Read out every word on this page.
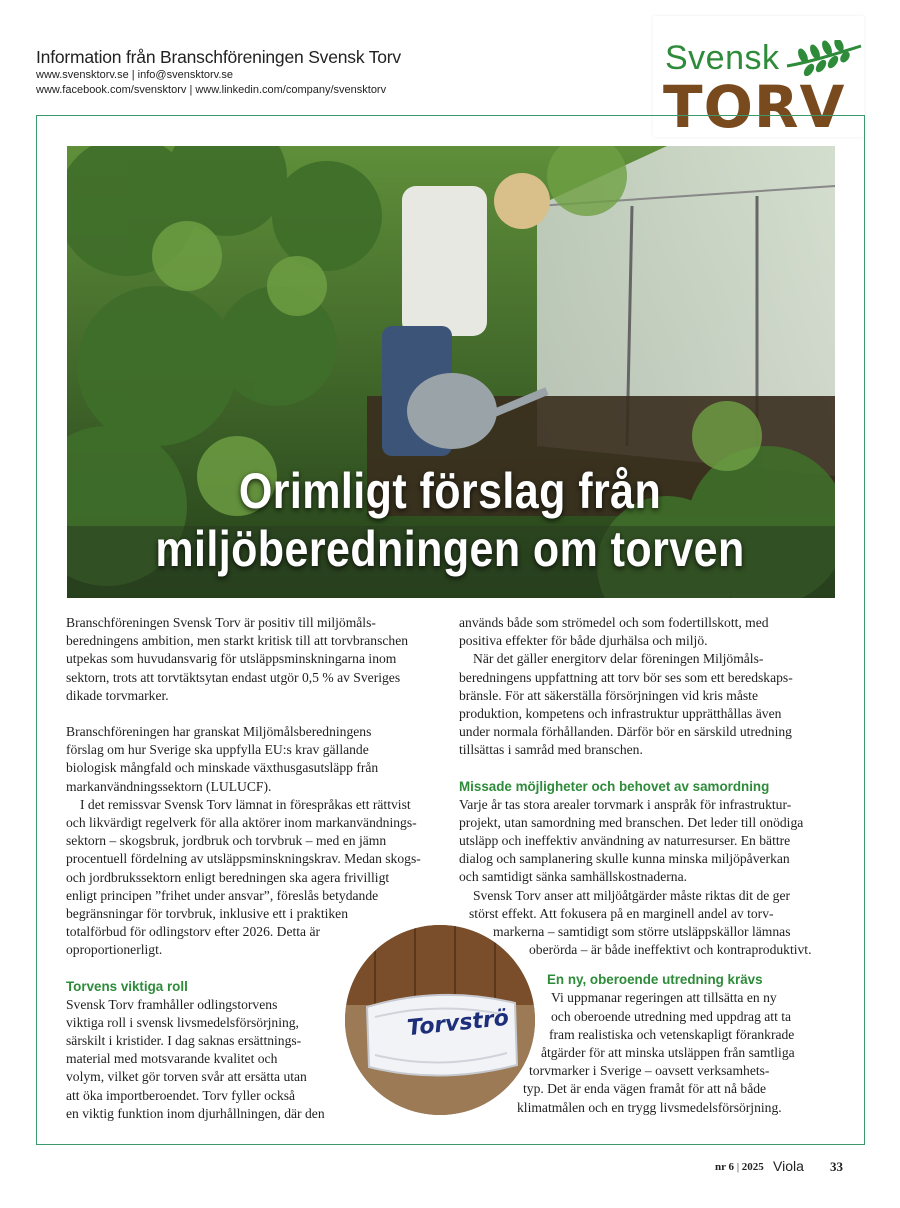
Information från Branschföreningen Svensk Torv
www.svensktorv.se | info@svensktorv.se
www.facebook.com/svensktorv | www.linkedin.com/company/svensktorv
Svensk
TORV
Orimligt förslag från
miljöberedningen om torven

Branschföreningen Svensk Torv är positiv till miljömåls-
beredningens ambition, men starkt kritisk till att torvbranschen
utpekas som huvudansvarig för utsläppsminskningarna inom
sektorn, trots att torvtäktsytan endast utgör 0,5 % av Sveriges
dikade torvmarker.

Branschföreningen har granskat Miljömålsberedningens
förslag om hur Sverige ska uppfylla EU:s krav gällande
biologisk mångfald och minskade växthusgasutsläpp från
markanvändningssektorn (LULUCF).

I det remissvar Svensk Torv lämnat in förespråkas ett rättvist
och likvärdigt regelverk för alla aktörer inom markanvändnings-
sektorn – skogsbruk, jordbruk och torvbruk – med en jämn
procentuell fördelning av utsläppsminskningskrav. Medan skogs-
och jordbrukssektorn enligt beredningen ska agera frivilligt
enligt principen ”frihet under ansvar”, föreslås betydande
begränsningar för torvbruk, inklusive ett i praktiken
totalförbud för odlingstorv efter 2026. Detta är
oproportionerligt.

Torvens viktiga roll

Svensk Torv framhåller odlingstorvens
viktiga roll i svensk livsmedelsförsörjning,
särskilt i kristider. I dag saknas ersättnings-
material med motsvarande kvalitet och
volym, vilket gör torven svår att ersätta utan
att öka importberoendet. Torv fyller också
en viktig funktion inom djurhållningen, där den

används både som strömedel och som fodertillskott, med
positiva effekter för både djurhälsa och miljö.

När det gäller energitorv delar föreningen Miljömåls-
beredningens uppfattning att torv bör ses som ett beredskaps-
bränsle. För att säkerställa försörjningen vid kris måste
produktion, kompetens och infrastruktur upprätthållas även
under normala förhållanden. Därför bör en särskild utredning
tillsättas i samråd med branschen.

Missade möjligheter och behovet av samordning

Varje år tas stora arealer torvmark i anspråk för infrastruktur-
projekt, utan samordning med branschen. Det leder till onödiga
utsläpp och ineffektiv användning av naturresurser. En bättre
dialog och samplanering skulle kunna minska miljöpåverkan
och samtidigt sänka samhällskostnaderna.

Svensk Torv anser att miljöåtgärder måste riktas dit de ger
störst effekt. Att fokusera på en marginell andel av torv-
markerna – samtidigt som större utsläppskällor lämnas
oberörda – är både ineffektivt och kontraproduktivt.

En ny, oberoende utredning krävs

Vi uppmanar regeringen att tillsätta en ny
och oberoende utredning med uppdrag att ta
fram realistiska och vetenskapligt förankrade
åtgärder för att minska utsläppen från samtliga
torvmarker i Sverige – oavsett verksamhets-
typ. Det är enda vägen framåt för att nå både
klimatmålen och en trygg livsmedelsförsörjning.

Torvströ
nr 6 | 2025 Viola 33
